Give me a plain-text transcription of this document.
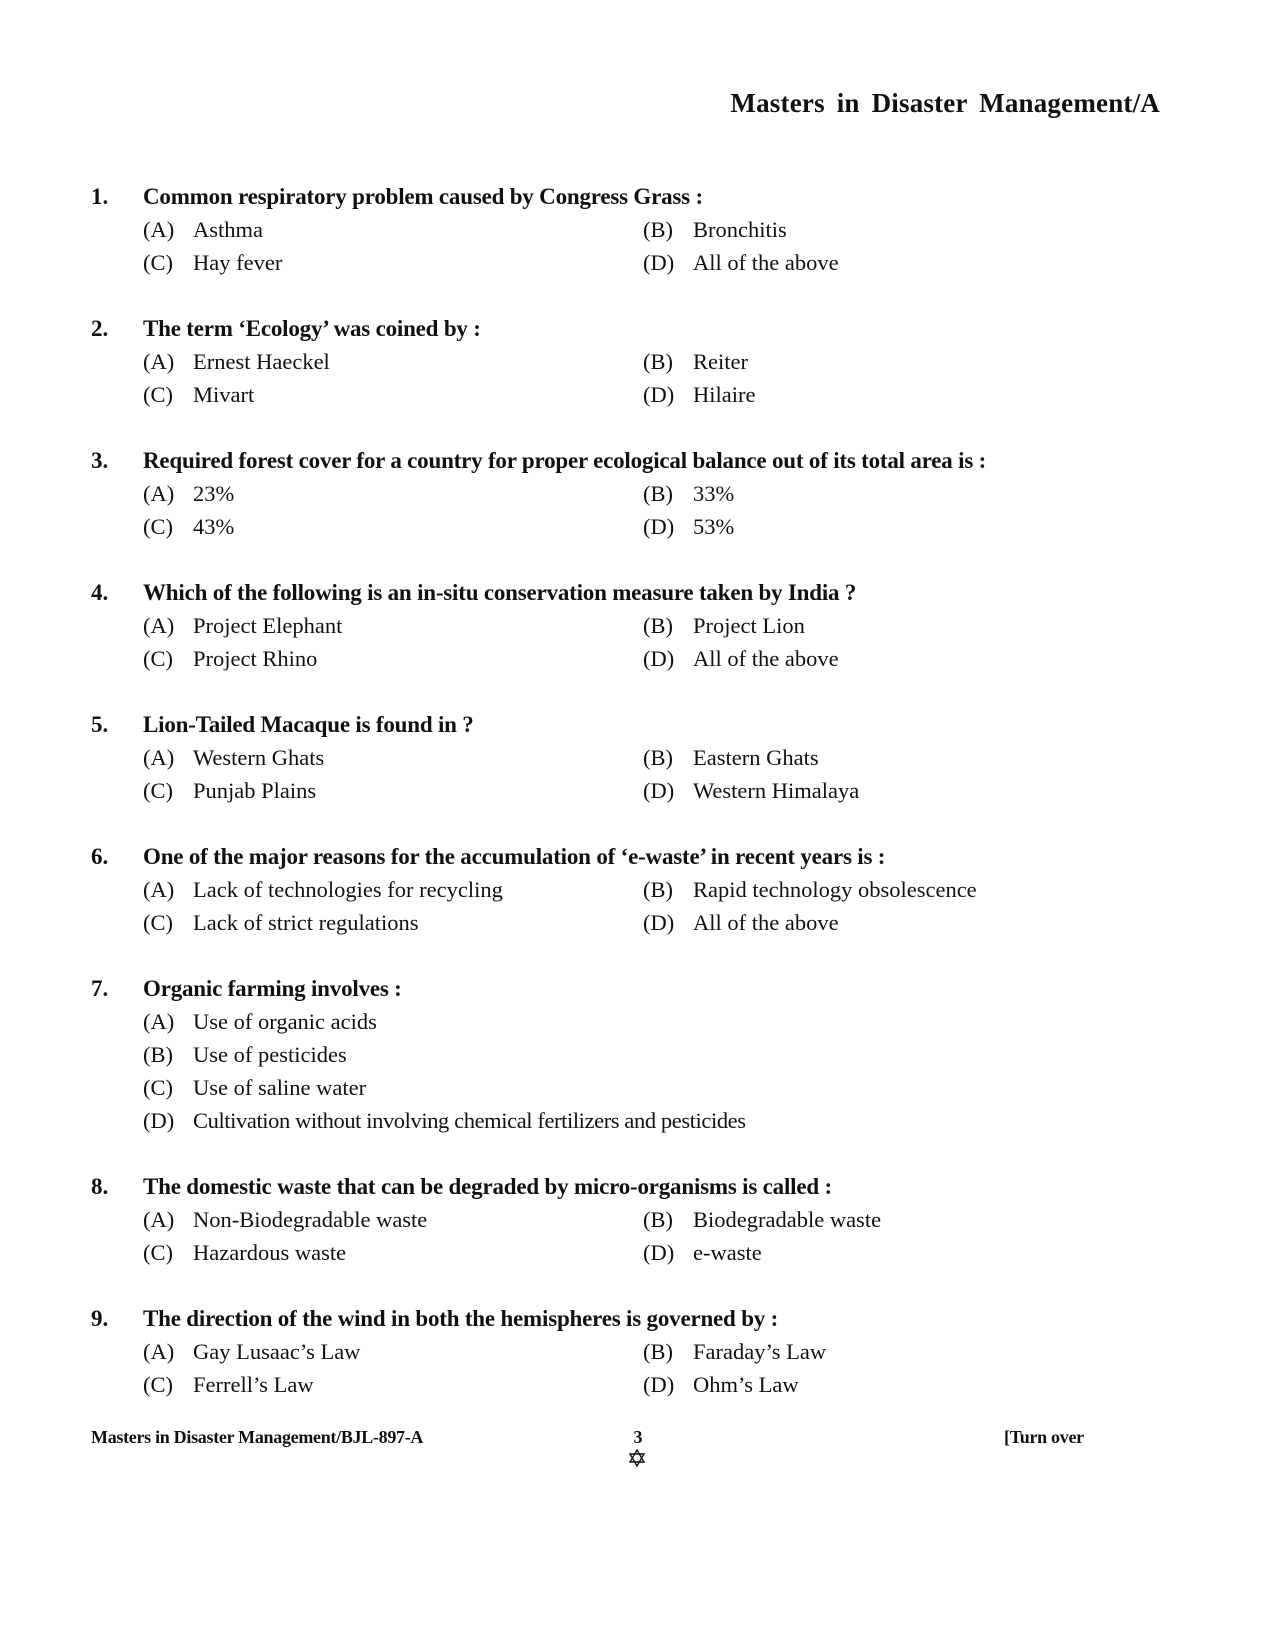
Masters in Disaster Management/A
1. Common respiratory problem caused by Congress Grass :
(A) Asthma	(B) Bronchitis
(C) Hay fever	(D) All of the above
2. The term ‘Ecology’ was coined by :
(A) Ernest Haeckel	(B) Reiter
(C) Mivart	(D) Hilaire
3. Required forest cover for a country for proper ecological balance out of its total area is :
(A) 23%	(B) 33%
(C) 43%	(D) 53%
4. Which of the following is an in-situ conservation measure taken by India ?
(A) Project Elephant	(B) Project Lion
(C) Project Rhino	(D) All of the above
5. Lion-Tailed Macaque is found in ?
(A) Western Ghats	(B) Eastern Ghats
(C) Punjab Plains	(D) Western Himalaya
6. One of the major reasons for the accumulation of ‘e-waste’ in recent years is :
(A) Lack of technologies for recycling	(B) Rapid technology obsolescence
(C) Lack of strict regulations	(D) All of the above
7. Organic farming involves :
(A) Use of organic acids
(B) Use of pesticides
(C) Use of saline water
(D) Cultivation without involving chemical fertilizers and pesticides
8. The domestic waste that can be degraded by micro-organisms is called :
(A) Non-Biodegradable waste	(B) Biodegradable waste
(C) Hazardous waste	(D) e-waste
9. The direction of the wind in both the hemispheres is governed by :
(A) Gay Lusaac’s Law	(B) Faraday’s Law
(C) Ferrell’s Law	(D) Ohm’s Law
Masters in Disaster Management/BJL-897-A	3	[Turn over
